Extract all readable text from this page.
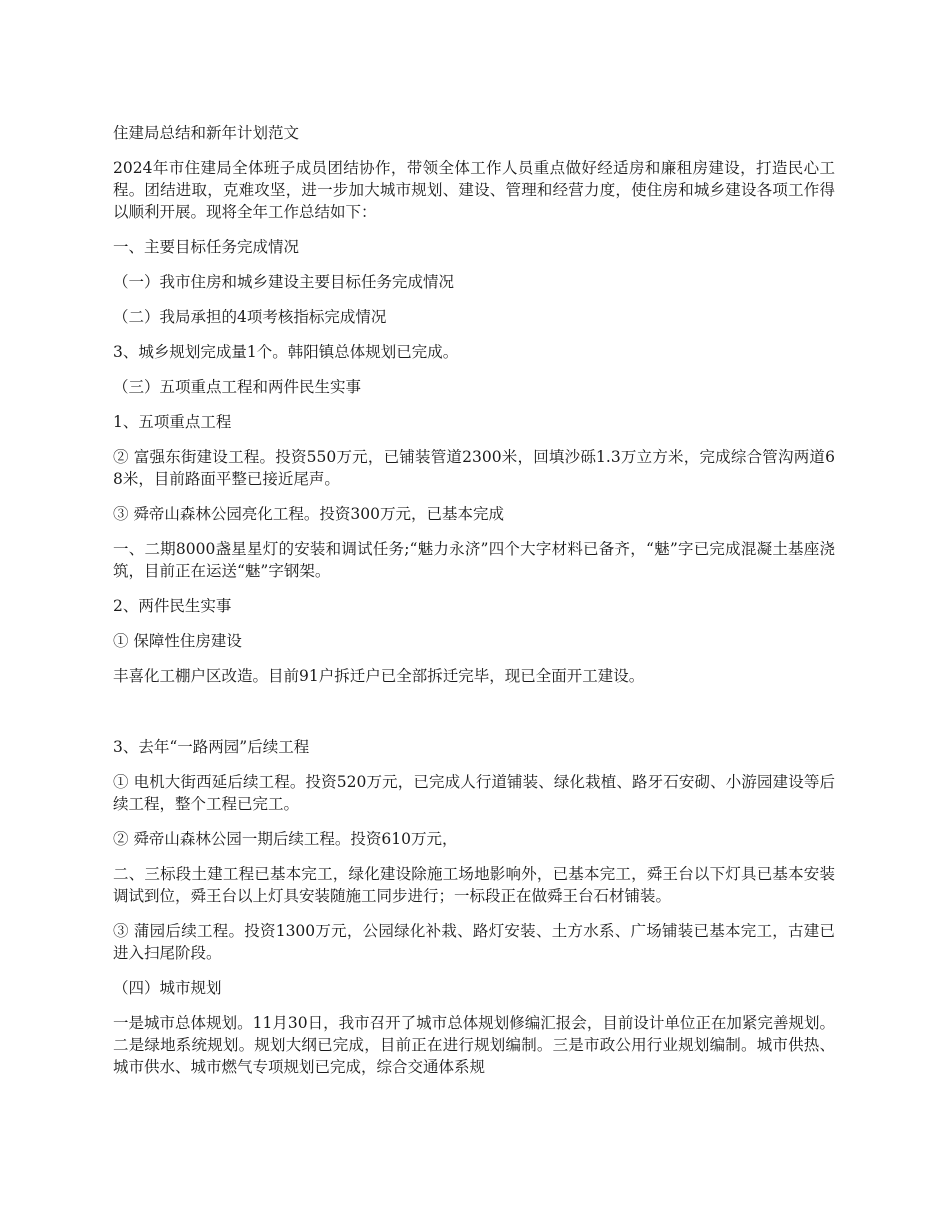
住建局总结和新年计划范文

2024年市住建局全体班子成员团结协作，带领全体工作人员重点做好经适房和廉租房建设，打造民心工程。团结进取，克难攻坚，进一步加大城市规划、建设、管理和经营力度，使住房和城乡建设各项工作得以顺利开展。现将全年工作总结如下：

一、主要目标任务完成情况

（一）我市住房和城乡建设主要目标任务完成情况

（二）我局承担的4项考核指标完成情况

3、城乡规划完成量1个。韩阳镇总体规划已完成。

（三）五项重点工程和两件民生实事

1、五项重点工程

② 富强东街建设工程。投资550万元，已铺装管道2300米，回填沙砾1.3万立方米，完成综合管沟两道68米，目前路面平整已接近尾声。

③ 舜帝山森林公园亮化工程。投资300万元，已基本完成

一、二期8000盏星星灯的安装和调试任务;“魅力永济”四个大字材料已备齐，“魅”字已完成混凝土基座浇筑，目前正在运送“魅”字钢架。

2、两件民生实事

① 保障性住房建设

丰喜化工棚户区改造。目前91户拆迁户已全部拆迁完毕，现已全面开工建设。

3、去年“一路两园”后续工程

① 电机大街西延后续工程。投资520万元，已完成人行道铺装、绿化栽植、路牙石安砌、小游园建设等后续工程，整个工程已完工。

② 舜帝山森林公园一期后续工程。投资610万元，

二、三标段土建工程已基本完工，绿化建设除施工场地影响外，已基本完工，舜王台以下灯具已基本安装调试到位，舜王台以上灯具安装随施工同步进行；一标段正在做舜王台石材铺装。

③ 蒲园后续工程。投资1300万元，公园绿化补栽、路灯安装、土方水系、广场铺装已基本完工，古建已进入扫尾阶段。

（四）城市规划

一是城市总体规划。11月30日，我市召开了城市总体规划修编汇报会，目前设计单位正在加紧完善规划。二是绿地系统规划。规划大纲已完成，目前正在进行规划编制。三是市政公用行业规划编制。城市供热、城市供水、城市燃气专项规划已完成，综合交通体系规
